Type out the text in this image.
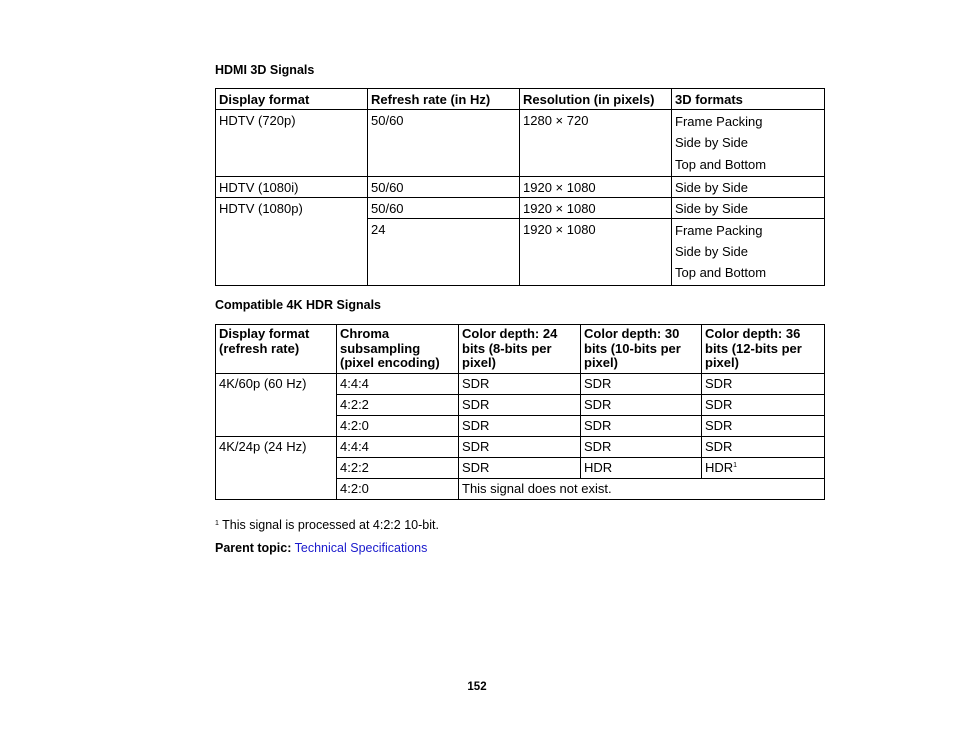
HDMI 3D Signals
Display format	Refresh rate (in Hz)	Resolution (in pixels)	3D formats
HDTV (720p)	50/60	1280 × 720	Frame Packing
Side by Side
Top and Bottom

HDTV (1080i)	50/60	1920 × 1080	Side by Side
HDTV (1080p)	50/60	1920 × 1080	Side by Side
	24	1920 × 1080	Frame Packing
Side by Side
Top and Bottom
Compatible 4K HDR Signals
Display format (refresh rate)	Chroma subsampling (pixel encoding)	Color depth: 24 bits (8-bits per pixel)	Color depth: 30 bits (10-bits per pixel)	Color depth: 36 bits (12-bits per pixel)
4K/60p (60 Hz)	4:4:4	SDR	SDR	SDR
	4:2:2	SDR	SDR	SDR
	4:2:0	SDR	SDR	SDR
4K/24p (24 Hz)	4:4:4	SDR	SDR	SDR
	4:2:2	SDR	HDR	HDR$^1$
	4:2:0	This signal does not exist.		
$^1$ This signal is processed at 4:2:2 10-bit.
Parent topic: Technical Specifications
152
